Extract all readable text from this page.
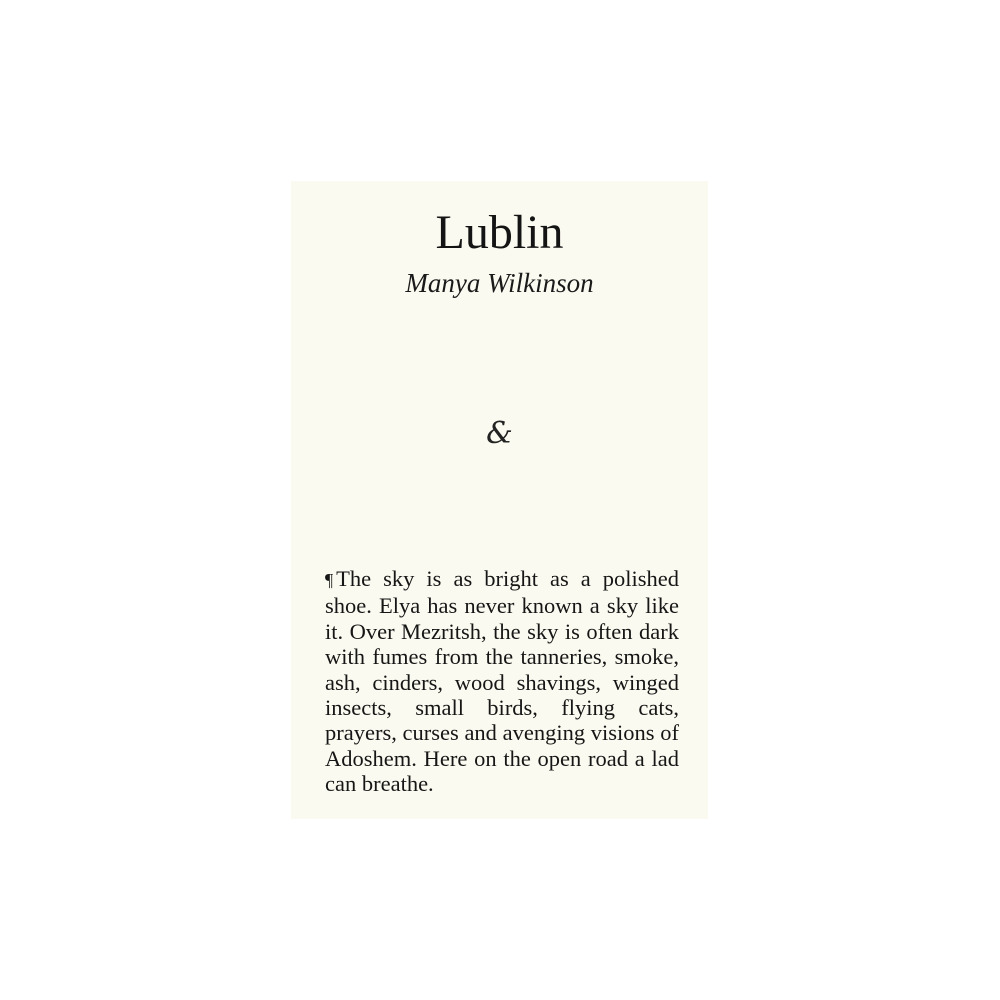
Lublin

Manya Wilkinson

&

¶ The sky is as bright as a polished shoe. Elya has never known a sky like it. Over Mezritsh, the sky is often dark with fumes from the tanneries, smoke, ash, cinders, wood shavings, winged insects, small birds, flying cats, prayers, curses and avenging visions of Adoshem. Here on the open road a lad can breathe.
